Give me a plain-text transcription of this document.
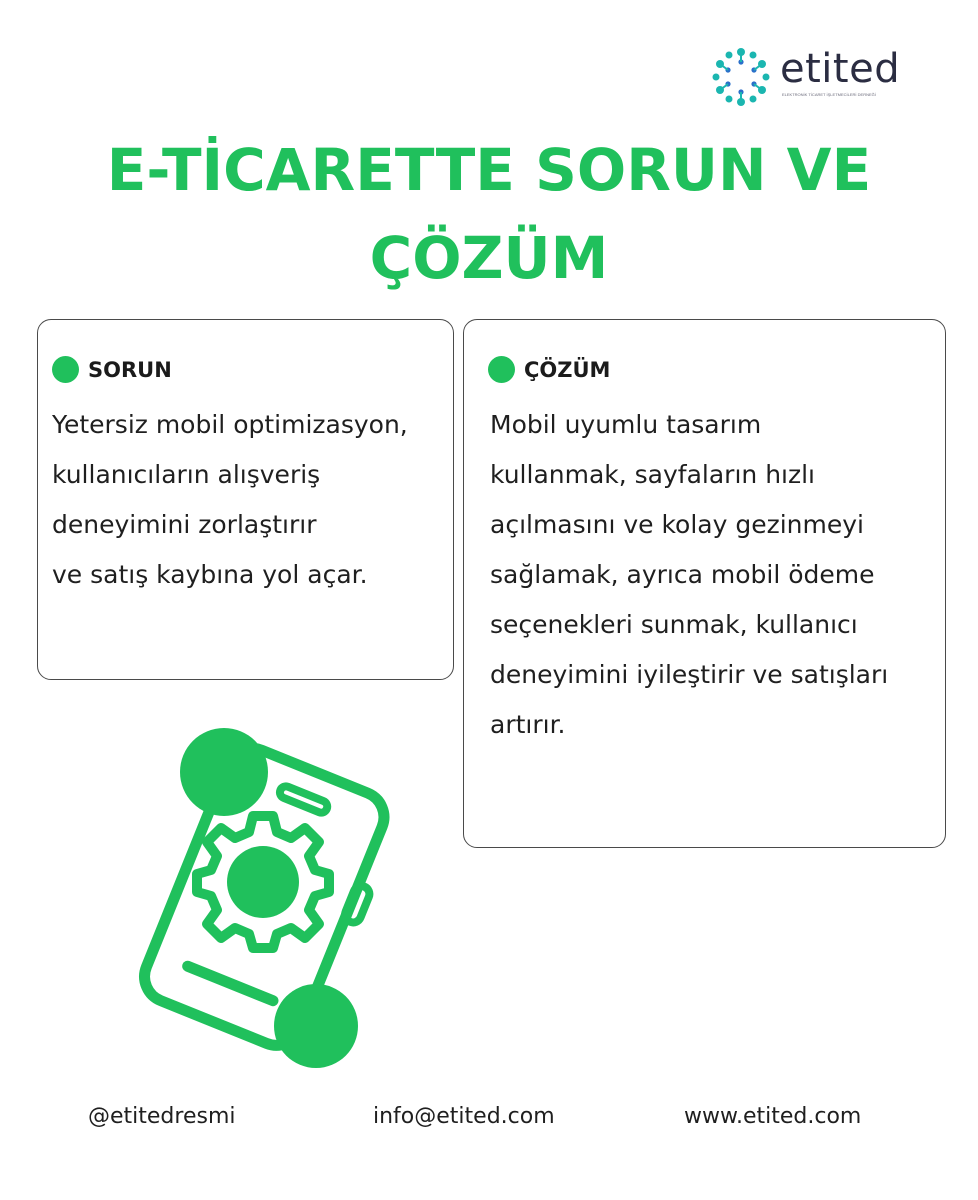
etited
ELEKTRONİK TİCARET İŞLETMECİLERİ DERNEĞİ
E-TİCARETTE SORUN VE
ÇÖZÜM
SORUN
Yetersiz mobil optimizasyon,
kullanıcıların alışveriş
deneyimini zorlaştırır
ve satış kaybına yol açar.
ÇÖZÜM
Mobil uyumlu tasarım
kullanmak, sayfaların hızlı
açılmasını ve kolay gezinmeyi
sağlamak, ayrıca mobil ödeme
seçenekleri sunmak, kullanıcı
deneyimini iyileştirir ve satışları
artırır.
@etitedresmi	info@etited.com	www.etited.com
